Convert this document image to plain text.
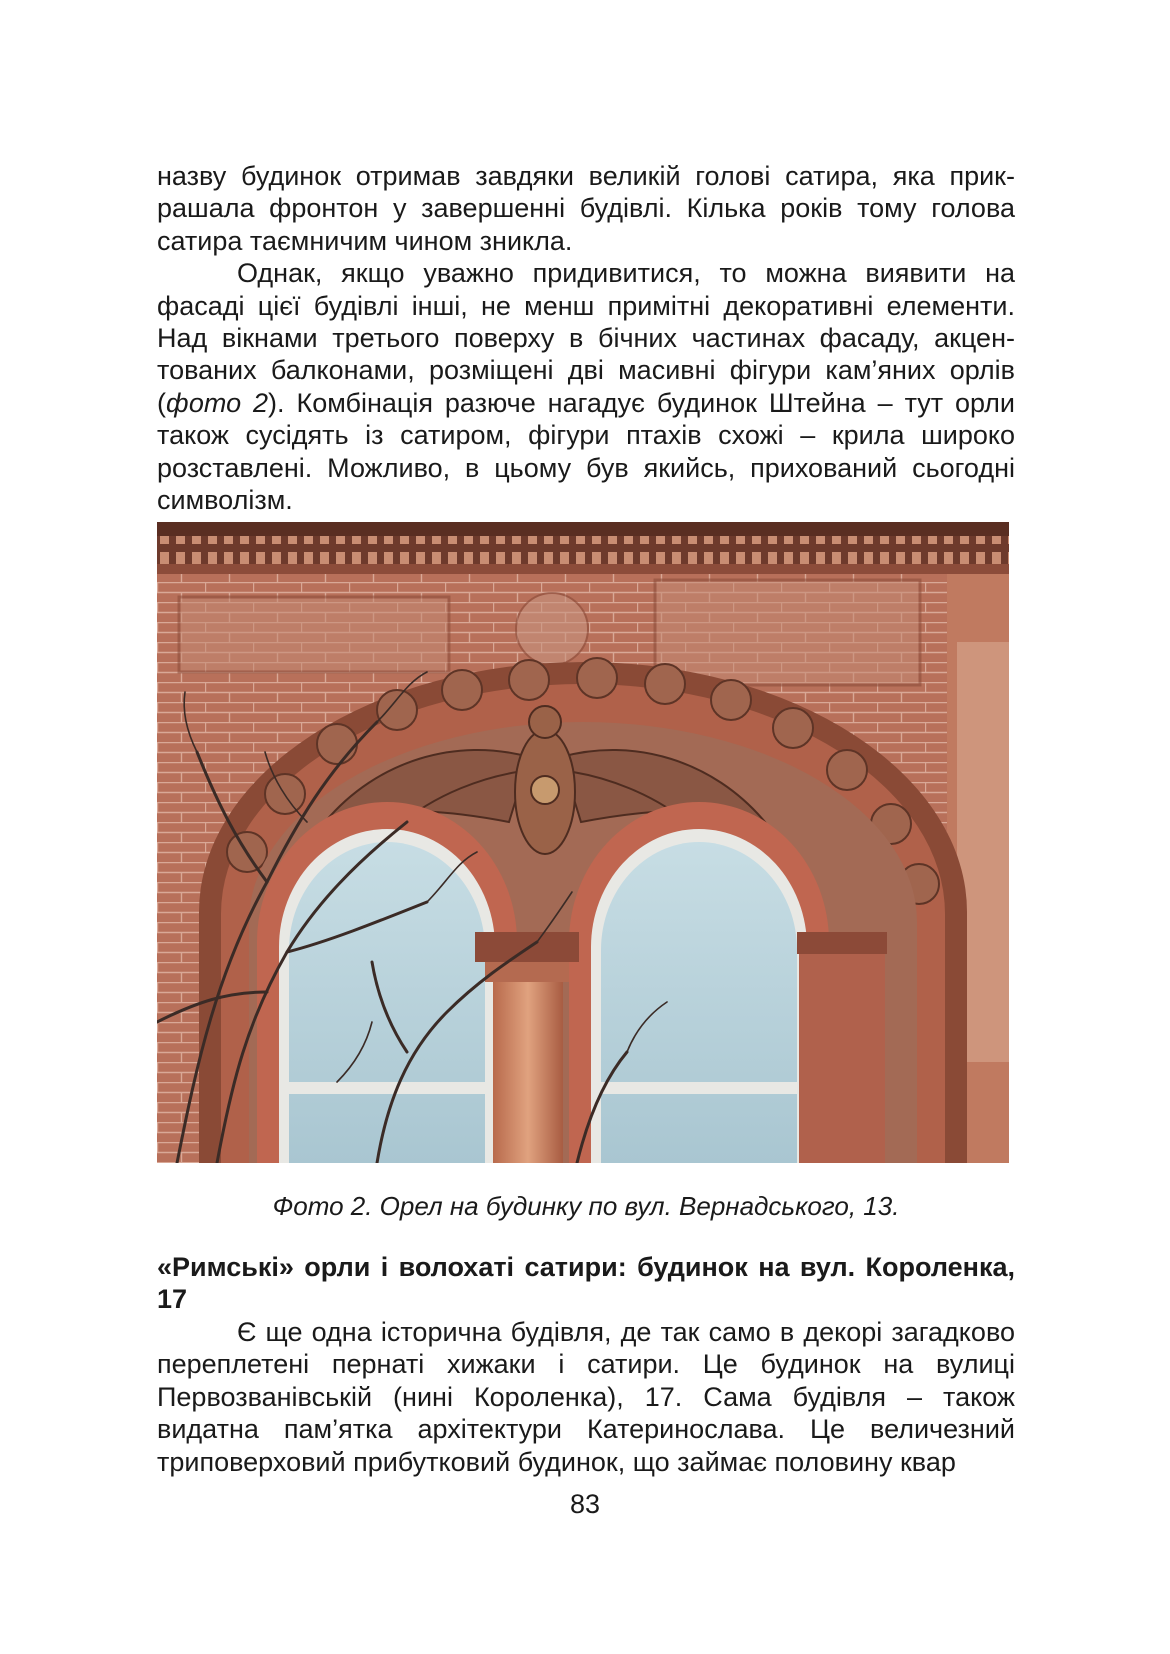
назву будинок отримав завдяки великій голові сатира, яка прикрашала фронтон у завершенні будівлі. Кілька років тому голова сатира таємничим чином зникла.

Однак, якщо уважно придивитися, то можна виявити на фасаді цієї будівлі інші, не менш примітні декоративні елементи. Над вікнами третього поверху в бічних частинах фасаду, акцентованих балконами, розміщені дві масивні фігури кам’яних орлів (фото 2). Комбінація разюче нагадує будинок Штейна – тут орли також сусідять із сатиром, фігури птахів схожі – крила широко розставлені. Можливо, в цьому був якийсь, прихований сьогодні символізм.

Фото 2. Орел на будинку по вул. Вернадського, 13.
«Римські» орли і волохаті сатири: будинок на вул. Короленка, 17

Є ще одна історична будівля, де так само в декорі загадково переплетені пернаті хижаки і сатири. Це будинок на вулиці Первозванівській (нині Короленка), 17. Сама будівля – також видатна пам’ятка архітектури Катеринослава. Це величезний триповерховий прибутковий будинок, що займає половину квар

83
